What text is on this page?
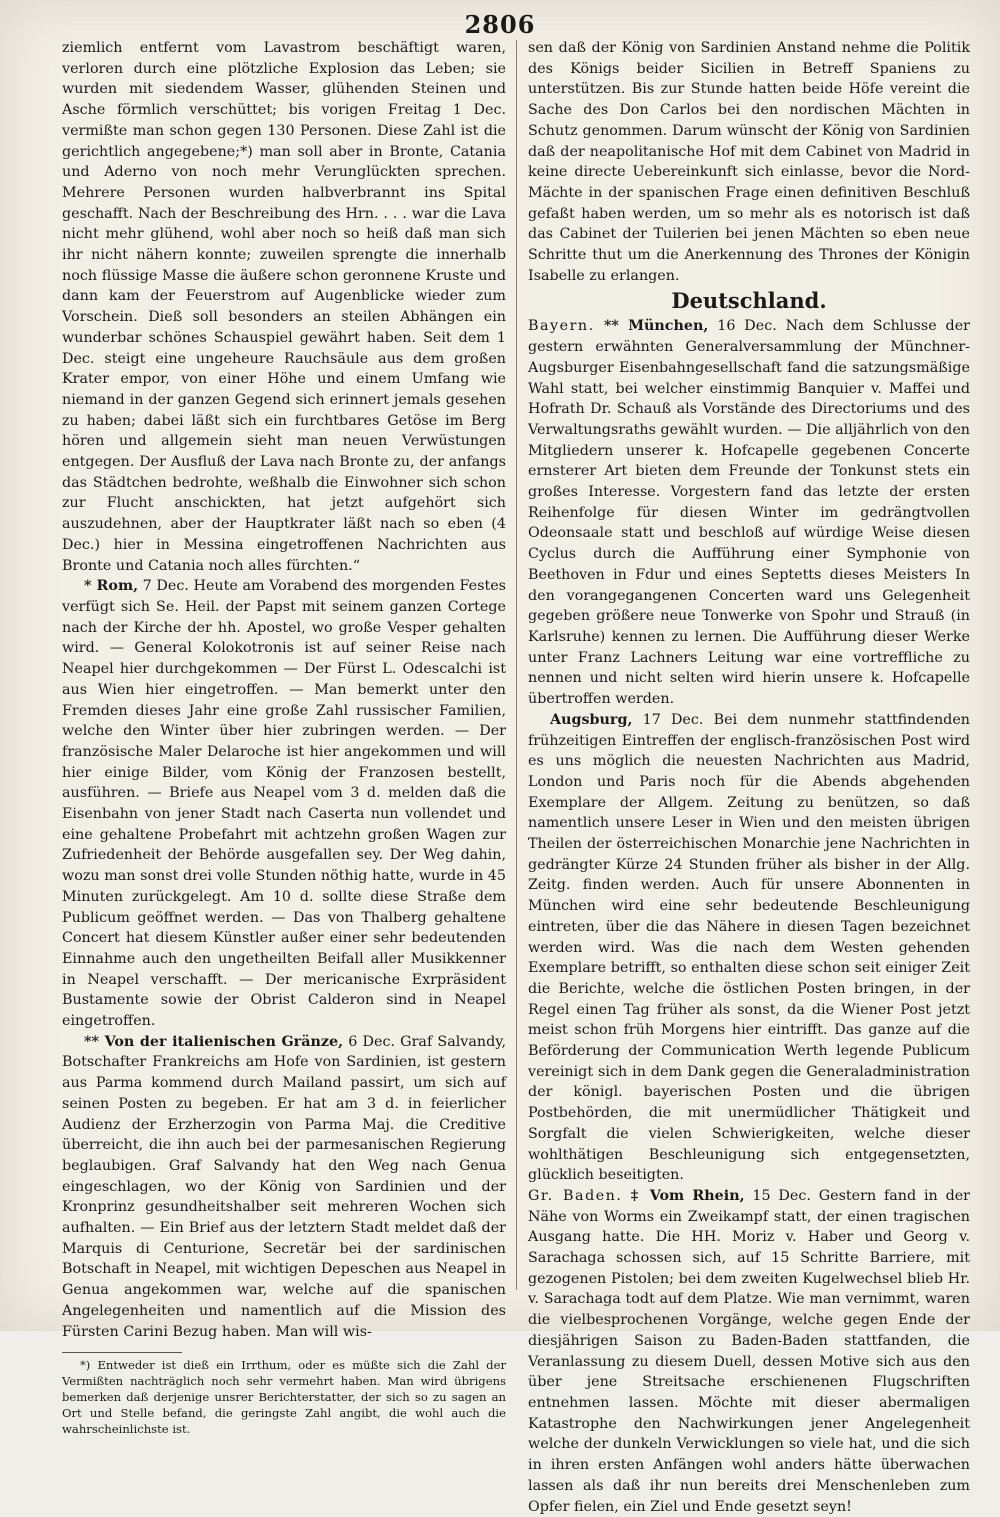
2806

ziemlich entfernt vom Lavastrom beschäftigt waren, verloren durch eine plötzliche Explosion das Leben; sie wurden mit siedendem Wasser, glühenden Steinen und Asche förmlich verschüttet; bis vorigen Freitag 1 Dec. vermißte man schon gegen 130 Personen. Diese Zahl ist die gerichtlich angegebene;*) man soll aber in Bronte, Catania und Aderno von noch mehr Verunglückten sprechen. Mehrere Personen wurden halbverbrannt ins Spital geschafft. Nach der Beschreibung des Hrn. . . . war die Lava nicht mehr glühend, wohl aber noch so heiß daß man sich ihr nicht nähern konnte; zuweilen sprengte die innerhalb noch flüssige Masse die äußere schon geronnene Kruste und dann kam der Feuerstrom auf Augenblicke wieder zum Vorschein. Dieß soll besonders an steilen Abhängen ein wunderbar schönes Schauspiel gewährt haben. Seit dem 1 Dec. steigt eine ungeheure Rauchsäule aus dem großen Krater empor, von einer Höhe und einem Umfang wie niemand in der ganzen Gegend sich erinnert jemals gesehen zu haben; dabei läßt sich ein furchtbares Getöse im Berg hören und allgemein sieht man neuen Verwüstungen entgegen. Der Ausfluß der Lava nach Bronte zu, der anfangs das Städtchen bedrohte, weßhalb die Einwohner sich schon zur Flucht anschickten, hat jetzt aufgehört sich auszudehnen, aber der Hauptkrater läßt nach so eben (4 Dec.) hier in Messina eingetroffenen Nachrichten aus Bronte und Catania noch alles fürchten.“

* Rom, 7 Dec. Heute am Vorabend des morgenden Festes verfügt sich Se. Heil. der Papst mit seinem ganzen Cortege nach der Kirche der hh. Apostel, wo große Vesper gehalten wird. — General Kolokotronis ist auf seiner Reise nach Neapel hier durchgekommen — Der Fürst L. Odescalchi ist aus Wien hier eingetroffen. — Man bemerkt unter den Fremden dieses Jahr eine große Zahl russischer Familien, welche den Winter über hier zubringen werden. — Der französische Maler Delaroche ist hier angekommen und will hier einige Bilder, vom König der Franzosen bestellt, ausführen. — Briefe aus Neapel vom 3 d. melden daß die Eisenbahn von jener Stadt nach Caserta nun vollendet und eine gehaltene Probefahrt mit achtzehn großen Wagen zur Zufriedenheit der Behörde ausgefallen sey. Der Weg dahin, wozu man sonst drei volle Stunden nöthig hatte, wurde in 45 Minuten zurückgelegt. Am 10 d. sollte diese Straße dem Publicum geöffnet werden. — Das von Thalberg gehaltene Concert hat diesem Künstler außer einer sehr bedeutenden Einnahme auch den ungetheilten Beifall aller Musikkenner in Neapel verschafft. — Der mericanische Exrpräsident Bustamente sowie der Obrist Calderon sind in Neapel eingetroffen.

** Von der italienischen Gränze, 6 Dec. Graf Salvandy, Botschafter Frankreichs am Hofe von Sardinien, ist gestern aus Parma kommend durch Mailand passirt, um sich auf seinen Posten zu begeben. Er hat am 3 d. in feierlicher Audienz der Erzherzogin von Parma Maj. die Creditive überreicht, die ihn auch bei der parmesanischen Regierung beglaubigen. Graf Salvandy hat den Weg nach Genua eingeschlagen, wo der König von Sardinien und der Kronprinz gesundheitshalber seit mehreren Wochen sich aufhalten. — Ein Brief aus der letztern Stadt meldet daß der Marquis di Centurione, Secretär bei der sardinischen Botschaft in Neapel, mit wichtigen Depeschen aus Neapel in Genua angekommen war, welche auf die spanischen Angelegenheiten und namentlich auf die Mission des Fürsten Carini Bezug haben. Man will wis-

*) Entweder ist dieß ein Irrthum, oder es müßte sich die Zahl der Vermißten nachträglich noch sehr vermehrt haben. Man wird übrigens bemerken daß derjenige unsrer Berichterstatter, der sich so zu sagen an Ort und Stelle befand, die geringste Zahl angibt, die wohl auch die wahrscheinlichste ist.

sen daß der König von Sardinien Anstand nehme die Politik des Königs beider Sicilien in Betreff Spaniens zu unterstützen. Bis zur Stunde hatten beide Höfe vereint die Sache des Don Carlos bei den nordischen Mächten in Schutz genommen. Darum wünscht der König von Sardinien daß der neapolitanische Hof mit dem Cabinet von Madrid in keine directe Uebereinkunft sich einlasse, bevor die Nord-Mächte in der spanischen Frage einen definitiven Beschluß gefaßt haben werden, um so mehr als es notorisch ist daß das Cabinet der Tuilerien bei jenen Mächten so eben neue Schritte thut um die Anerkennung des Thrones der Königin Isabelle zu erlangen.

Deutschland.

Bayern. ** München, 16 Dec. Nach dem Schlusse der gestern erwähnten Generalversammlung der Münchner-Augsburger Eisenbahngesellschaft fand die satzungsmäßige Wahl statt, bei welcher einstimmig Banquier v. Maffei und Hofrath Dr. Schauß als Vorstände des Directoriums und des Verwaltungsraths gewählt wurden. — Die alljährlich von den Mitgliedern unserer k. Hofcapelle gegebenen Concerte ernsterer Art bieten dem Freunde der Tonkunst stets ein großes Interesse. Vorgestern fand das letzte der ersten Reihenfolge für diesen Winter im gedrängtvollen Odeonsaale statt und beschloß auf würdige Weise diesen Cyclus durch die Aufführung einer Symphonie von Beethoven in Fdur und eines Septetts dieses Meisters In den vorangegangenen Concerten ward uns Gelegenheit gegeben größere neue Tonwerke von Spohr und Strauß (in Karlsruhe) kennen zu lernen. Die Aufführung dieser Werke unter Franz Lachners Leitung war eine vortreffliche zu nennen und nicht selten wird hierin unsere k. Hofcapelle übertroffen werden.

Augsburg, 17 Dec. Bei dem nunmehr stattfindenden frühzeitigen Eintreffen der englisch-französischen Post wird es uns möglich die neuesten Nachrichten aus Madrid, London und Paris noch für die Abends abgehenden Exemplare der Allgem. Zeitung zu benützen, so daß namentlich unsere Leser in Wien und den meisten übrigen Theilen der österreichischen Monarchie jene Nachrichten in gedrängter Kürze 24 Stunden früher als bisher in der Allg. Zeitg. finden werden. Auch für unsere Abonnenten in München wird eine sehr bedeutende Beschleunigung eintreten, über die das Nähere in diesen Tagen bezeichnet werden wird. Was die nach dem Westen gehenden Exemplare betrifft, so enthalten diese schon seit einiger Zeit die Berichte, welche die östlichen Posten bringen, in der Regel einen Tag früher als sonst, da die Wiener Post jetzt meist schon früh Morgens hier eintrifft. Das ganze auf die Beförderung der Communication Werth legende Publicum vereinigt sich in dem Dank gegen die Generaladministration der königl. bayerischen Posten und die übrigen Postbehörden, die mit unermüdlicher Thätigkeit und Sorgfalt die vielen Schwierigkeiten, welche dieser wohlthätigen Beschleunigung sich entgegensetzten, glücklich beseitigten.

Gr. Baden. ‡ Vom Rhein, 15 Dec. Gestern fand in der Nähe von Worms ein Zweikampf statt, der einen tragischen Ausgang hatte. Die HH. Moriz v. Haber und Georg v. Sarachaga schossen sich, auf 15 Schritte Barriere, mit gezogenen Pistolen; bei dem zweiten Kugelwechsel blieb Hr. v. Sarachaga todt auf dem Platze. Wie man vernimmt, waren die vielbesprochenen Vorgänge, welche gegen Ende der diesjährigen Saison zu Baden-Baden stattfanden, die Veranlassung zu diesem Duell, dessen Motive sich aus den über jene Streitsache erschienenen Flugschriften entnehmen lassen. Möchte mit dieser abermaligen Katastrophe den Nachwirkungen jener Angelegenheit welche der dunkeln Verwicklungen so viele hat, und die sich in ihren ersten Anfängen wohl anders hätte überwachen lassen als daß ihr nun bereits drei Menschenleben zum Opfer fielen, ein Ziel und Ende gesetzt seyn!
